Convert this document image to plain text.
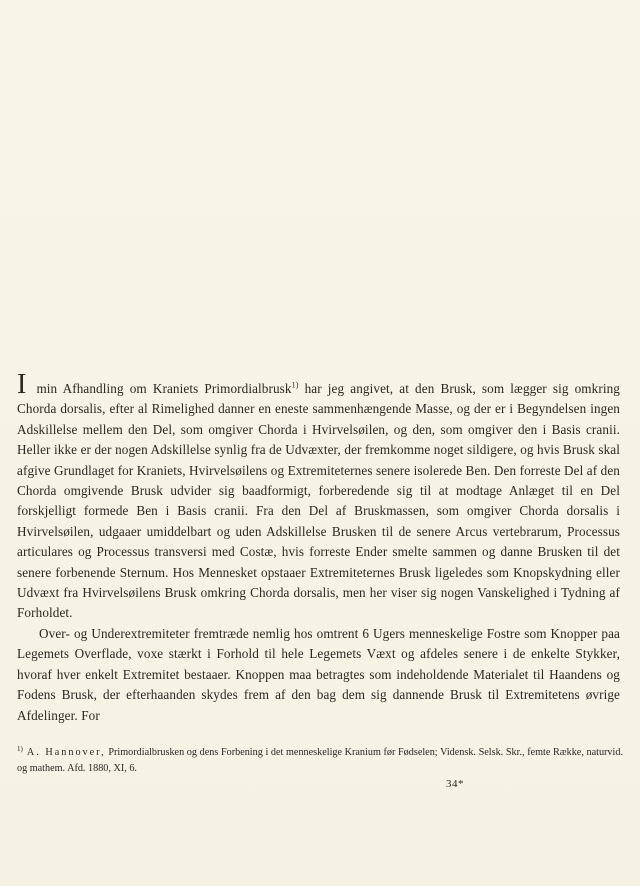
Imin Afhandling om Kraniets Primordialbrusk$^{1)}$ har jeg angivet, at den Brusk, som lægger sig omkring Chorda dorsalis, efter al Rimelighed danner en eneste sammenhængende Masse, og der er i Begyndelsen ingen Adskillelse mellem den Del, som omgiver Chorda i Hvirvelsøilen, og den, som omgiver den i Basis cranii. Heller ikke er der nogen Adskillelse synlig fra de Udvæxter, der fremkomme noget sildigere, og hvis Brusk skal afgive Grundlaget for Kraniets, Hvirvelsøilens og Extremiteternes senere isolerede Ben. Den forreste Del af den Chorda omgivende Brusk udvider sig baadformigt, forberedende sig til at modtage Anlæget til en Del forskjelligt formede Ben i Basis cranii. Fra den Del af Bruskmassen, som omgiver Chorda dorsalis i Hvirvelsøilen, udgaaer umiddelbart og uden Adskillelse Brusken til de senere Arcus vertebrarum, Processus articulares og Processus transversi med Costæ, hvis forreste Ender smelte sammen og danne Brusken til det senere forbenende Sternum. Hos Mennesket opstaaer Extremiteternes Brusk ligeledes som Knopskydning eller Udvæxt fra Hvirvelsøilens Brusk omkring Chorda dorsalis, men her viser sig nogen Vanskelighed i Tydning af Forholdet.

Over- og Underextremiteter fremtræde nemlig hos omtrent 6 Ugers menneskelige Fostre som Knopper paa Legemets Overflade, voxe stærkt i Forhold til hele Legemets Væxt og afdeles senere i de enkelte Stykker, hvoraf hver enkelt Extremitet bestaaer. Knoppen maa betragtes som indeholdende Materialet til Haandens og Fodens Brusk, der efterhaanden skydes frem af den bag dem sig dannende Brusk til Extremitetens øvrige Afdelinger. For

$^{1)}$ A. Hannover, Primordialbrusken og dens Forbening i det menneskelige Kranium før Fødselen; Vidensk. Selsk. Skr., femte Række, naturvid. og mathem. Afd. 1880, XI, 6.
34*
